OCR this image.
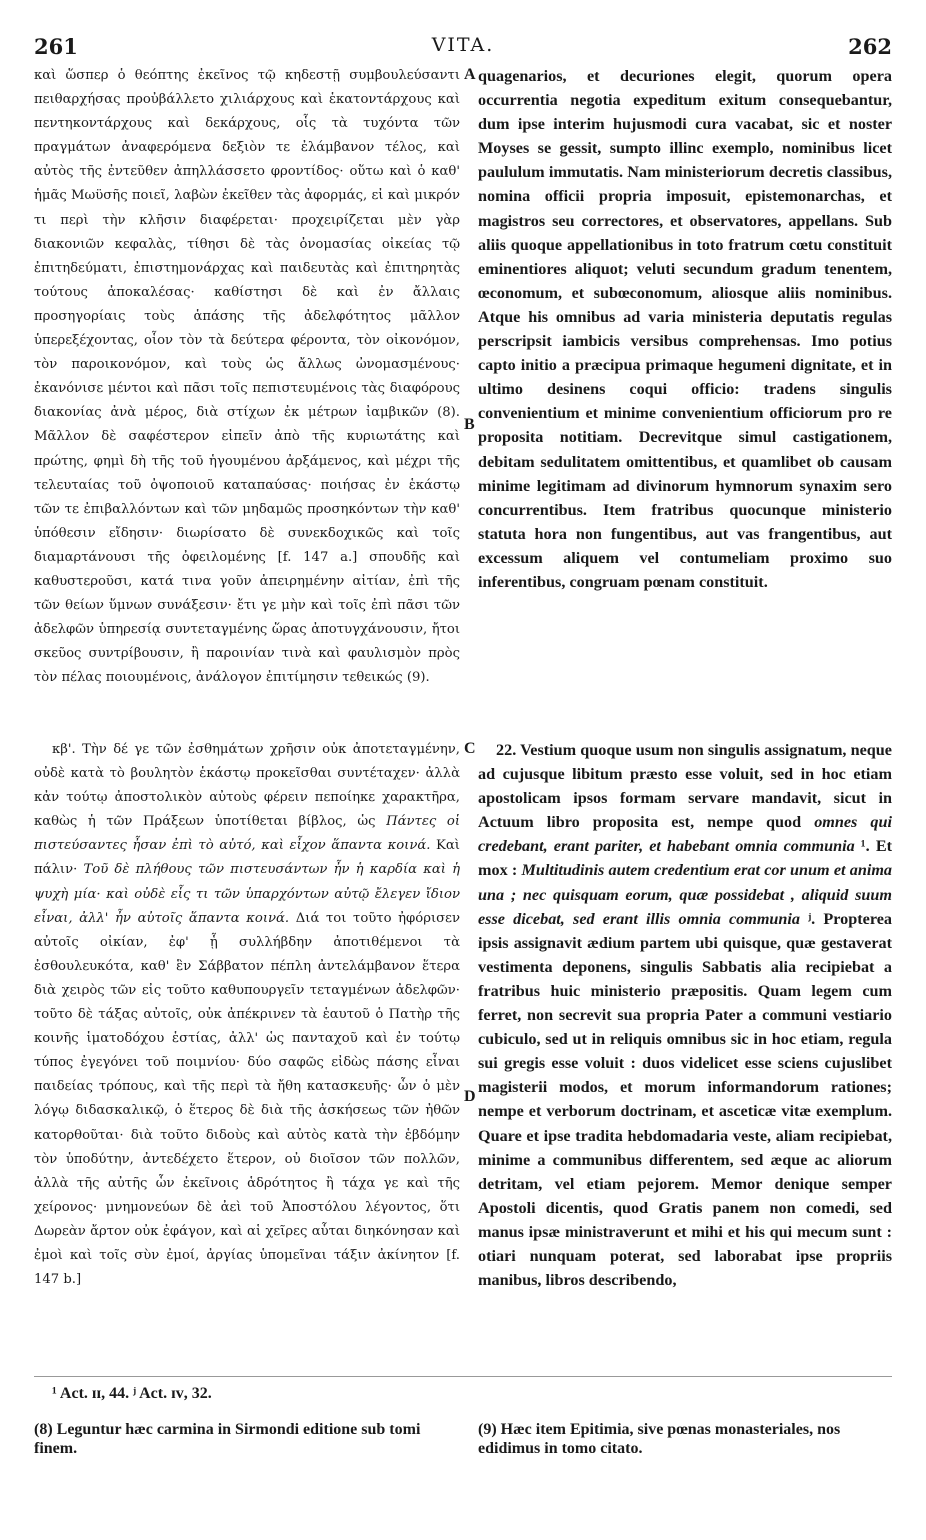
261	VITA.	262

καὶ ὥσπερ ὁ θεόπτης ἐκεῖνος τῷ κηδεστῇ συμβουλεύσαντι πειθαρχήσας προὐβάλλετο χιλιάρχους καὶ ἑκατοντάρχους καὶ πεντηκοντάρχους καὶ δεκάρχους, οἷς τὰ τυχόντα τῶν πραγμάτων ἀναφερόμενα δεξιὸν τε ἐλάμβανον τέλος, καὶ αὐτὸς τῆς ἐντεῦθεν ἀπηλλάσσετο φροντίδος· οὕτω καὶ ὁ καθ' ἡμᾶς Μωϋσῆς ποιεῖ, λαβὼν ἐκεῖθεν τὰς ἀφορμάς, εἰ καὶ μικρόν τι περὶ τὴν κλῆσιν διαφέρεται· προχειρίζεται μὲν γὰρ διακονιῶν κεφαλὰς, τίθησι δὲ τὰς ὀνομασίας οἰκείας τῷ ἐπιτηδεύματι, ἐπιστημονάρχας καὶ παιδευτὰς καὶ ἐπιτηρητὰς τούτους ἀποκαλέσας· καθίστησι δὲ καὶ ἐν ἄλλαις προσηγορίαις τοὺς ἁπάσης τῆς ἀδελφότητος μᾶλλον ὑπερεξέχοντας, οἷον τὸν τὰ δεύτερα φέροντα, τὸν οἰκονόμον, τὸν παροικονόμον, καὶ τοὺς ὡς ἄλλως ὠνομασμένους· ἐκανόνισε μέντοι καὶ πᾶσι τοῖς πεπιστευμένοις τὰς διαφόρους διακονίας ἀνὰ μέρος, διὰ στίχων ἐκ μέτρων ἰαμβικῶν (8). Μᾶλλον δὲ σαφέστερον εἰπεῖν ἀπὸ τῆς κυριωτάτης καὶ πρώτης, φημὶ δὴ τῆς τοῦ ἡγουμένου ἀρξάμενος, καὶ μέχρι τῆς τελευταίας τοῦ ὀψοποιοῦ καταπαύσας· ποιήσας ἐν ἑκάστῳ τῶν τε ἐπιβαλλόντων καὶ τῶν μηδαμῶς προσηκόντων τὴν καθ' ὑπόθεσιν εἴδησιν· διωρίσατο δὲ συνεκδοχικῶς καὶ τοῖς διαμαρτάνουσι τῆς ὀφειλομένης [f. 147 a.] σπουδῆς καὶ καθυστεροῦσι, κατά τινα γοῦν ἀπειρημένην αἰτίαν, ἐπὶ τῆς τῶν θείων ὕμνων συνάξεσιν· ἔτι γε μὴν καὶ τοῖς ἐπὶ πᾶσι τῶν ἀδελφῶν ὑπηρεσίᾳ συντεταγμένης ὥρας ἀποτυγχάνουσιν, ἤτοι σκεῦος συντρίβουσιν, ἢ παροινίαν τινὰ καὶ φαυλισμὸν πρὸς τὸν πέλας ποιουμένοις, ἀνάλογον ἐπιτίμησιν τεθεικώς (9).

quagenarios, et decuriones elegit, quorum opera occurrentia negotia expeditum exitum consequebantur, dum ipse interim hujusmodi cura vacabat, sic et noster Moyses se gessit, sumpto illinc exemplo, nominibus licet paululum immutatis. Nam ministeriorum decretis classibus, nomina officii propria imposuit, epistemonarchas, et magistros seu correctores, et observatores, appellans. Sub aliis quoque appellationibus in toto fratrum cœtu constituit eminentiores aliquot; veluti secundum gradum tenentem, œconomum, et subœconomum, aliosque aliis nominibus. Atque his omnibus ad varia ministeria deputatis regulas perscripsit iambicis versibus comprehensas. Imo potius capto initio a præcipua primaque hegumeni dignitate, et in ultimo desinens coqui officio: tradens singulis convenientium et minime convenientium officiorum pro re proposita notitiam. Decrevitque simul castigationem, debitam sedulitatem omittentibus, et quamlibet ob causam minime legitimam ad divinorum hymnorum synaxim sero concurrentibus. Item fratribus quocunque ministerio statuta hora non fungentibus, aut vas frangentibus, aut excessum aliquem vel contumeliam proximo suo inferentibus, congruam pœnam constituit.

κβ'. Τὴν δέ γε τῶν ἐσθημάτων χρῆσιν οὐκ ἀποτεταγμένην, οὐδὲ κατὰ τὸ βουλητὸν ἑκάστῳ προκεῖσθαι συντέταχεν· ἀλλὰ κἀν τούτῳ ἀποστολικὸν αὐτοὺς φέρειν πεποίηκε χαρακτῆρα, καθὼς ἡ τῶν Πράξεων ὑποτίθεται βίβλος, ὡς Πάντες οἱ πιστεύσαντες ἦσαν ἐπὶ τὸ αὐτό, καὶ εἶχον ἅπαντα κοινά. Καὶ πάλιν· Τοῦ δὲ πλήθους τῶν πιστευσάντων ἦν ἡ καρδία καὶ ἡ ψυχὴ μία· καὶ οὐδὲ εἷς τι τῶν ὑπαρχόντων αὐτῷ ἔλεγεν ἴδιον εἶναι, ἀλλ' ἦν αὐτοῖς ἅπαντα κοινά. Διά τοι τοῦτο ἠφόρισεν αὐτοῖς οἰκίαν, ἐφ' ᾗ συλλήβδην ἀποτιθέμενοι τὰ ἐσθουλευκότα, καθ' ἓν Σάββατον πέπλη ἀντελάμβανον ἕτερα διὰ χειρὸς τῶν εἰς τοῦτο καθυπουργεῖν τεταγμένων ἀδελφῶν· τοῦτο δὲ τάξας αὐτοῖς, οὐκ ἀπέκρινεν τὰ ἑαυτοῦ ὁ Πατὴρ τῆς κοινῆς ἱματοδόχου ἑστίας, ἀλλ' ὡς πανταχοῦ καὶ ἐν τούτῳ τύπος ἐγεγόνει τοῦ ποιμνίου· δύο σαφῶς εἰδὼς πάσης εἶναι παιδείας τρόπους, καὶ τῆς περὶ τὰ ἤθη κατασκευῆς· ὧν ὁ μὲν λόγῳ διδασκαλικῷ, ὁ ἕτερος δὲ διὰ τῆς ἀσκήσεως τῶν ἠθῶν κατορθοῦται· διὰ τοῦτο διδοὺς καὶ αὐτὸς κατὰ τὴν ἑβδόμην τὸν ὑποδύτην, ἀντεδέχετο ἕτερον, οὐ διοῖσον τῶν πολλῶν, ἀλλὰ τῆς αὐτῆς ὧν ἐκεῖνοις ἁδρότητος ἢ τάχα γε καὶ τῆς χείρονος· μνημονεύων δὲ ἀεὶ τοῦ Ἀποστόλου λέγοντος, ὅτι Δωρεὰν ἄρτον οὐκ ἐφάγον, καὶ αἱ χεῖρες αὗται διηκόνησαν καὶ ἐμοὶ καὶ τοῖς σὺν ἐμοί, ἀργίας ὑπομεῖναι τάξιν ἀκίνητον [f. 147 b.]

22. Vestium quoque usum non singulis assignatum, neque ad cujusque libitum præsto esse voluit, sed in hoc etiam apostolicam ipsos formam servare mandavit, sicut in Actuum libro proposita est, nempe quod omnes qui credebant, erant pariter, et habebant omnia communia ¹. Et mox : Multitudinis autem credentium erat cor unum et anima una ; nec quisquam eorum, quæ possidebat , aliquid suum esse dicebat, sed erant illis omnia communia ʲ. Propterea ipsis assignavit ædium partem ubi quisque, quæ gestaverat vestimenta deponens, singulis Sabbatis alia recipiebat a fratribus huic ministerio præpositis. Quam legem cum ferret, non secrevit sua propria Pater a communi vestiario cubiculo, sed ut in reliquis omnibus sic in hoc etiam, regula sui gregis esse voluit : duos videlicet esse sciens cujuslibet magisterii modos, et morum informandorum rationes; nempe et verborum doctrinam, et asceticæ vitæ exemplum. Quare et ipse tradita hebdomadaria veste, aliam recipiebat, minime a communibus differentem, sed æque ac aliorum detritam, vel etiam pejorem. Memor denique semper Apostoli dicentis, quod Gratis panem non comedi, sed manus ipsæ ministraverunt et mihi et his qui mecum sunt : otiari nunquam poterat, sed laborabat ipse propriis manibus, libros describendo,

A
B
C
D
¹ Act. ɪɪ, 44. ʲ Act. ɪᴠ, 32.
(8) Leguntur hæc carmina in Sirmondi editione sub tomi finem.
(9) Hæc item Epitimia, sive pœnas monasteriales, nos edidimus in tomo citato.
